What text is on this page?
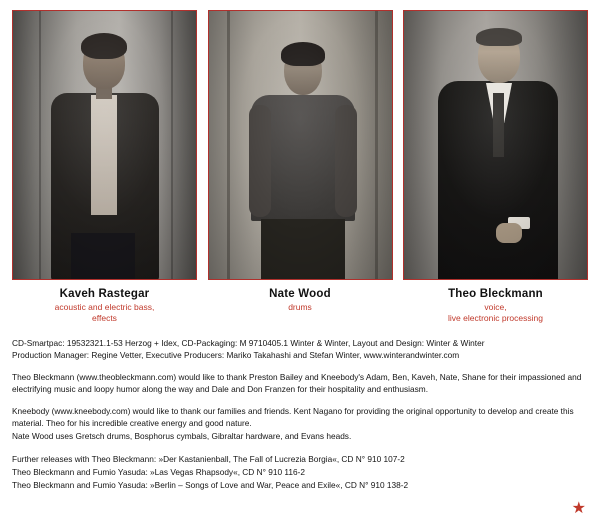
Kaveh Rastegar
acoustic and electric bass,
effects
Nate Wood
drums
Theo Bleckmann
voice,
live electronic processing

CD-Smartpac: 19532321.1-53 Herzog + Idex, CD-Packaging: M 9710405.1 Winter & Winter, Layout and Design: Winter & Winter

Production Manager: Regine Vetter, Executive Producers: Mariko Takahashi and Stefan Winter, www.winterandwinter.com

Theo Bleckmann (www.theobleckmann.com) would like to thank Preston Bailey and Kneebody's Adam, Ben, Kaveh, Nate, Shane for their impassioned and electrifying music and loopy humor along the way and Dale and Don Franzen for their hospitality and enthusiasm.

Kneebody (www.kneebody.com) would like to thank our families and friends. Kent Nagano for providing the original opportunity to develop and create this material. Theo for his incredible creative energy and good nature.

Nate Wood uses Gretsch drums, Bosphorus cymbals, Gibraltar hardware, and Evans heads.

Further releases with Theo Bleckmann: »Der Kastanienball, The Fall of Lucrezia Borgia«, CD N° 910 107-2

Theo Bleckmann and Fumio Yasuda: »Las Vegas Rhapsody«, CD N° 910 116-2

Theo Bleckmann and Fumio Yasuda: »Berlin – Songs of Love and War, Peace and Exile«, CD N° 910 138-2

★
